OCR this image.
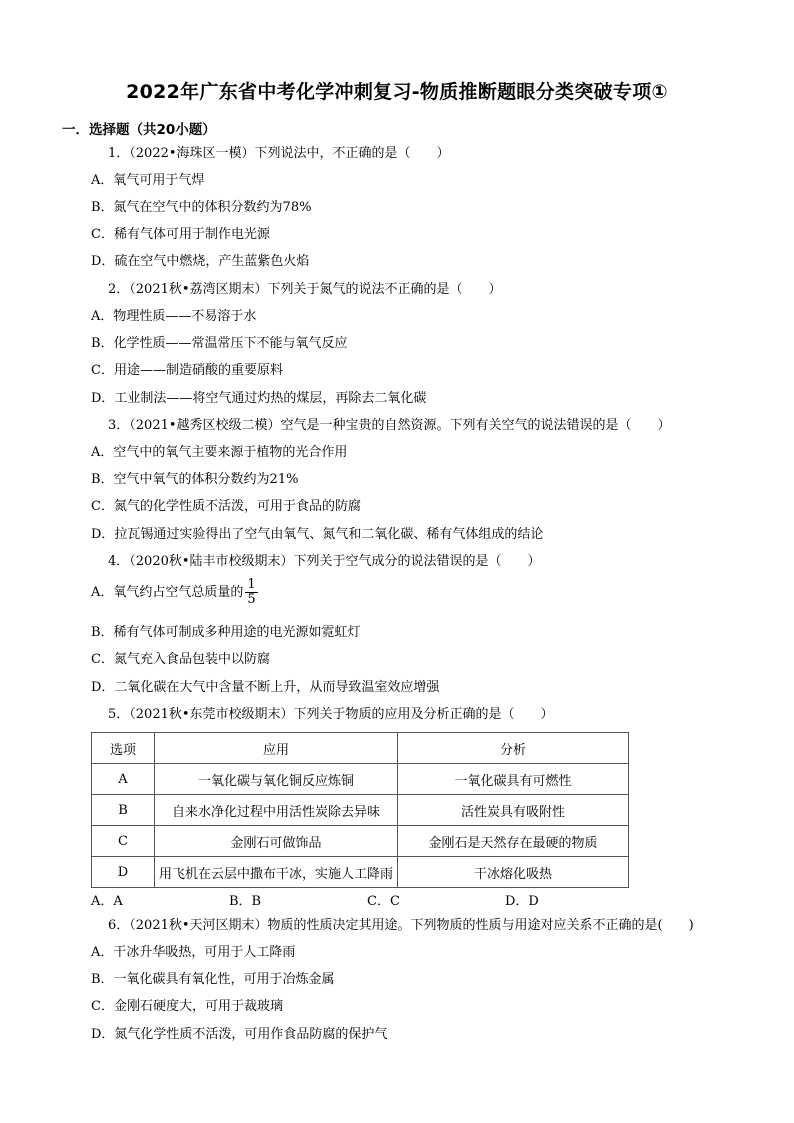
2022年广东省中考化学冲刺复习-物质推断题眼分类突破专项①
一．选择题（共20小题）
1．（2022•海珠区一模）下列说法中，不正确的是（　　）
A．氧气可用于气焊
B．氮气在空气中的体积分数约为78%
C．稀有气体可用于制作电光源
D．硫在空气中燃烧，产生蓝紫色火焰
2．（2021秋•荔湾区期末）下列关于氮气的说法不正确的是（　　）
A．物理性质——不易溶于水
B．化学性质——常温常压下不能与氧气反应
C．用途——制造硝酸的重要原料
D．工业制法——将空气通过灼热的煤层，再除去二氧化碳
3．（2021•越秀区校级二模）空气是一种宝贵的自然资源。下列有关空气的说法错误的是（　　）
A．空气中的氧气主要来源于植物的光合作用
B．空气中氧气的体积分数约为21%
C．氮气的化学性质不活泼，可用于食品的防腐
D．拉瓦锡通过实验得出了空气由氧气、氮气和二氧化碳、稀有气体组成的结论
4．（2020秋•陆丰市校级期末）下列关于空气成分的说法错误的是（　　）
A．氧气约占空气总质量的 $\frac{1}{5}$
B．稀有气体可制成多种用途的电光源如霓虹灯
C．氮气充入食品包装中以防腐
D．二氧化碳在大气中含量不断上升，从而导致温室效应增强
5．（2021秋•东莞市校级期末）下列关于物质的应用及分析正确的是（　　）
选项	应用	分析
A	一氧化碳与氧化铜反应炼铜	一氧化碳具有可燃性
B	自来水净化过程中用活性炭除去异味	活性炭具有吸附性
C	金刚石可做饰品	金刚石是天然存在最硬的物质
D	用飞机在云层中撒布干冰，实施人工降雨	干冰熔化吸热
A．A	B．B	C．C	D．D
6．（2021秋•天河区期末）物质的性质决定其用途。下列物质的性质与用途对应关系不正确的是(　　)
A．干冰升华吸热，可用于人工降雨
B．一氧化碳具有氧化性，可用于冶炼金属
C．金刚石硬度大，可用于裁玻璃
D．氮气化学性质不活泼，可用作食品防腐的保护气
